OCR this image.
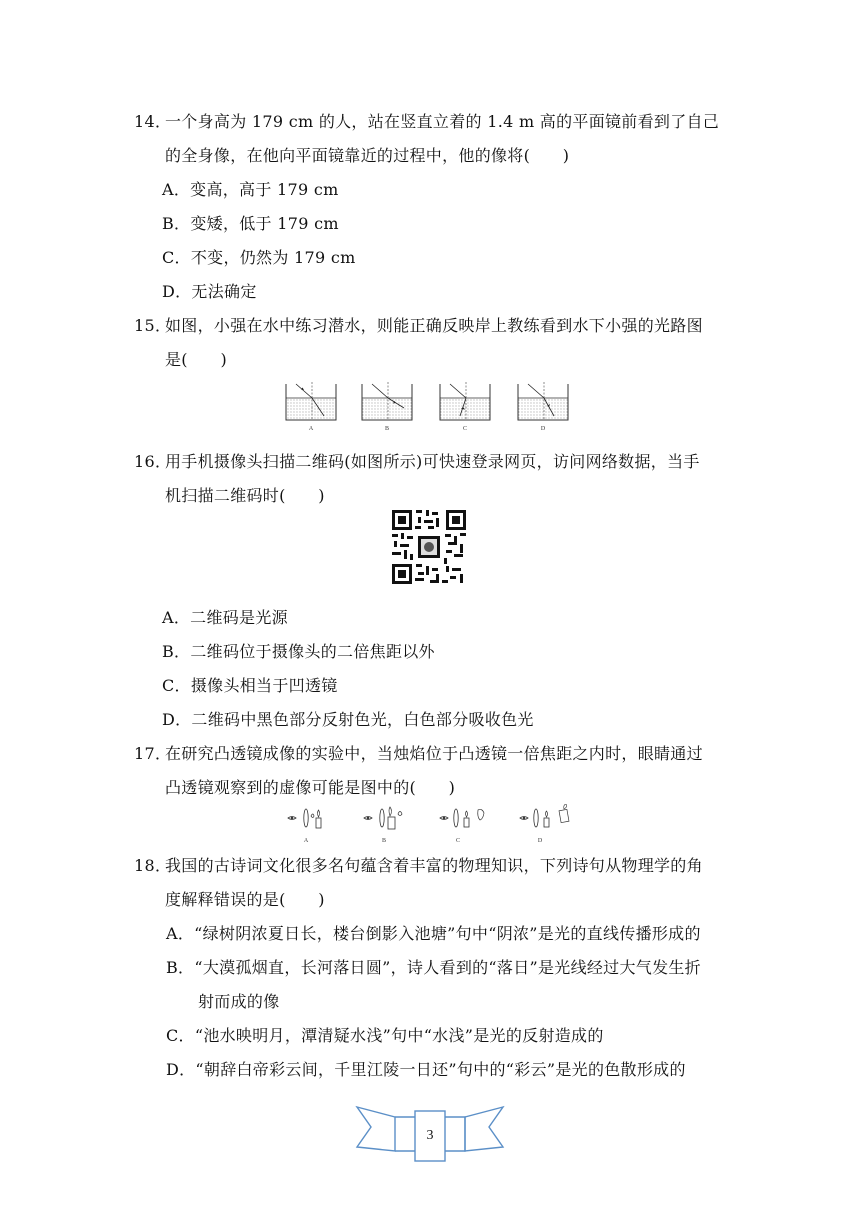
14．
一个身高为 179 cm 的人，站在竖直立着的 1.4 m 高的平面镜前看到了自己
的全身像，在他向平面镜靠近的过程中，他的像将(　　)
A．变高，高于 179 cm
B．变矮，低于 179 cm
C．不变，仍然为 179 cm
D．无法确定
15．
如图，小强在水中练习潜水，则能正确反映岸上教练看到水下小强的光路图
是(　　)
A	B	C	D
16．
用手机摄像头扫描二维码(如图所示)可快速登录网页，访问网络数据，当手
机扫描二维码时(　　)
A．二维码是光源
B．二维码位于摄像头的二倍焦距以外
C．摄像头相当于凹透镜
D．二维码中黑色部分反射色光，白色部分吸收色光
17．
在研究凸透镜成像的实验中，当烛焰位于凸透镜一倍焦距之内时，眼睛通过
凸透镜观察到的虚像可能是图中的(　　)
A	B	C	D
18．
我国的古诗词文化很多名句蕴含着丰富的物理知识，下列诗句从物理学的角
度解释错误的是(　　)
A．“绿树阴浓夏日长，楼台倒影入池塘”句中“阴浓”是光的直线传播形成的
B．“大漠孤烟直，长河落日圆”，诗人看到的“落日”是光线经过大气发生折
射而成的像
C．“池水映明月，潭清疑水浅”句中“水浅”是光的反射造成的
D．“朝辞白帝彩云间，千里江陵一日还”句中的“彩云”是光的色散形成的
3
